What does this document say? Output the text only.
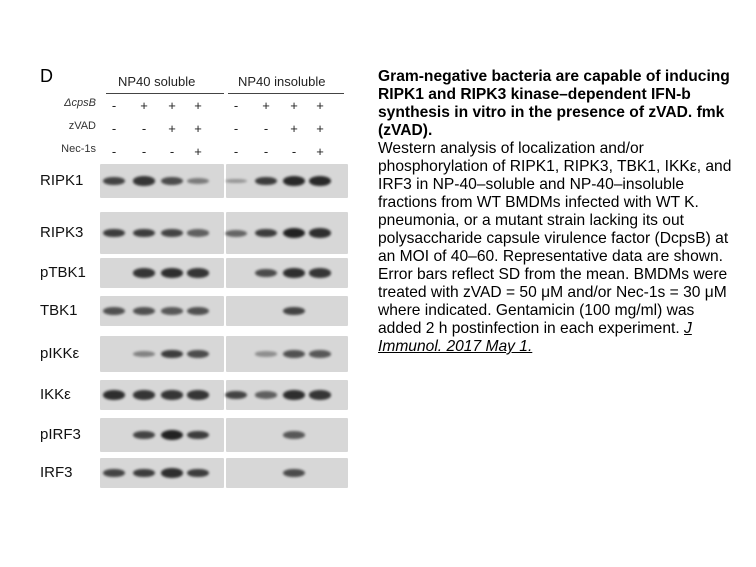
D	NP40 soluble	NP40 insoluble
ΔcpsB
zVAD
Nec-1s
- + + + - + + +
- - + + - - + +
- - - + - - - +
RIPK1
RIPK3
pTBK1
TBK1
pIKKε
IKKε
pIRF3
IRF3
Gram-negative bacteria are capable of inducing RIPK1 and RIPK3 kinase–dependent IFN-b synthesis in vitro in the presence of zVAD. fmk (zVAD).
Western analysis of localization and/or phosphorylation of RIPK1, RIPK3, TBK1, IKKε, and IRF3 in NP-40–soluble and NP-40–insoluble fractions from WT BMDMs infected with WT K. pneumonia, or a mutant strain lacking its out polysaccharide capsule virulence factor (DcpsB) at an MOI of 40–60. Representative data are shown. Error bars reflect SD from the mean. BMDMs were treated with zVAD = 50 μM and/or Nec-1s = 30 μM where indicated. Gentamicin (100 mg/ml) was added 2 h postinfection in each experiment. J Immunol. 2017 May 1.
